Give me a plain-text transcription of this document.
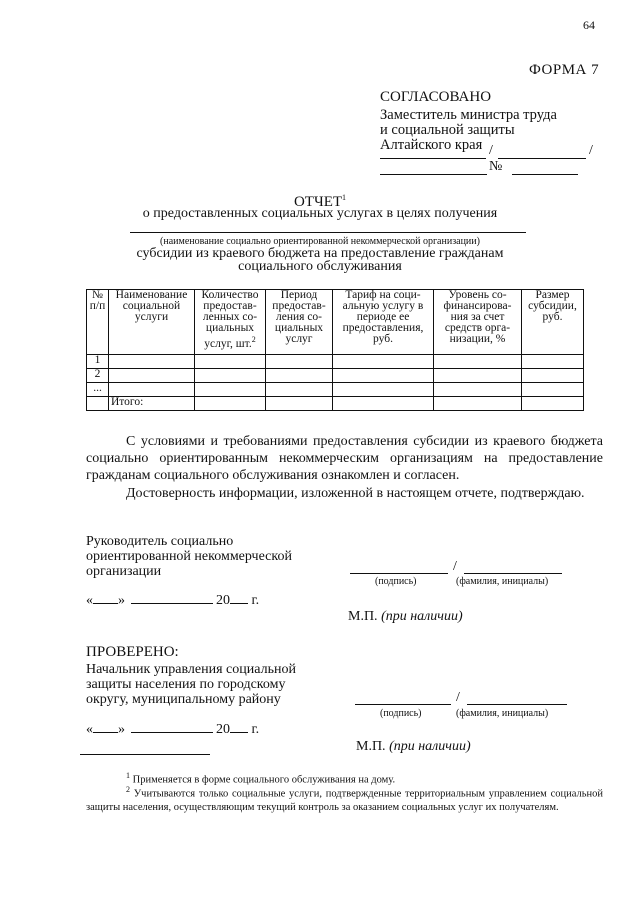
64
ФОРМА 7
СОГЛАСОВАНО
Заместитель министра труда
и социальной защиты
Алтайского края /	/
№
ОТЧЕТ$^1$
о предоставленных социальных услугах в целях получения
(наименование социально ориентированной некоммерческой организации)
субсидии из краевого бюджета на предоставление гражданам
социального обслуживания
№ п/п	Наименование социальной услуги	Количество предостав-ленных со-циальных услуг, шт.$^2$	Период предостав-ления со-циальных услуг	Тариф на соци-альную услугу в периоде ее предоставления, руб.	Уровень со-финансирова-ния за счет средств орга-низации, %	Размер субсидии, руб.
1						
2						
...						
	Итого:					
С условиями и требованиями предоставления субсидии из краевого бюджета социально ориентированным некоммерческим организациям на предоставление гражданам социального обслуживания ознакомлен и согласен.
Достоверность информации, изложенной в настоящем отчете, подтверждаю.
Руководитель социально
ориентированной некоммерческой
организации	/
(подпись)	(фамилия, инициалы)
« »	20 г.
М.П. (при наличии)
ПРОВЕРЕНО:
Начальник управления социальной
защиты населения по городскому
округу, муниципальному району	/
(подпись)	(фамилия, инициалы)
« »	20 г.
М.П. (при наличии)
$^1$ Применяется в форме социального обслуживания на дому.
$^2$ Учитываются только социальные услуги, подтвержденные территориальным управлением социальной защиты населения, осуществляющим текущий контроль за оказанием социальных услуг их получателям.
